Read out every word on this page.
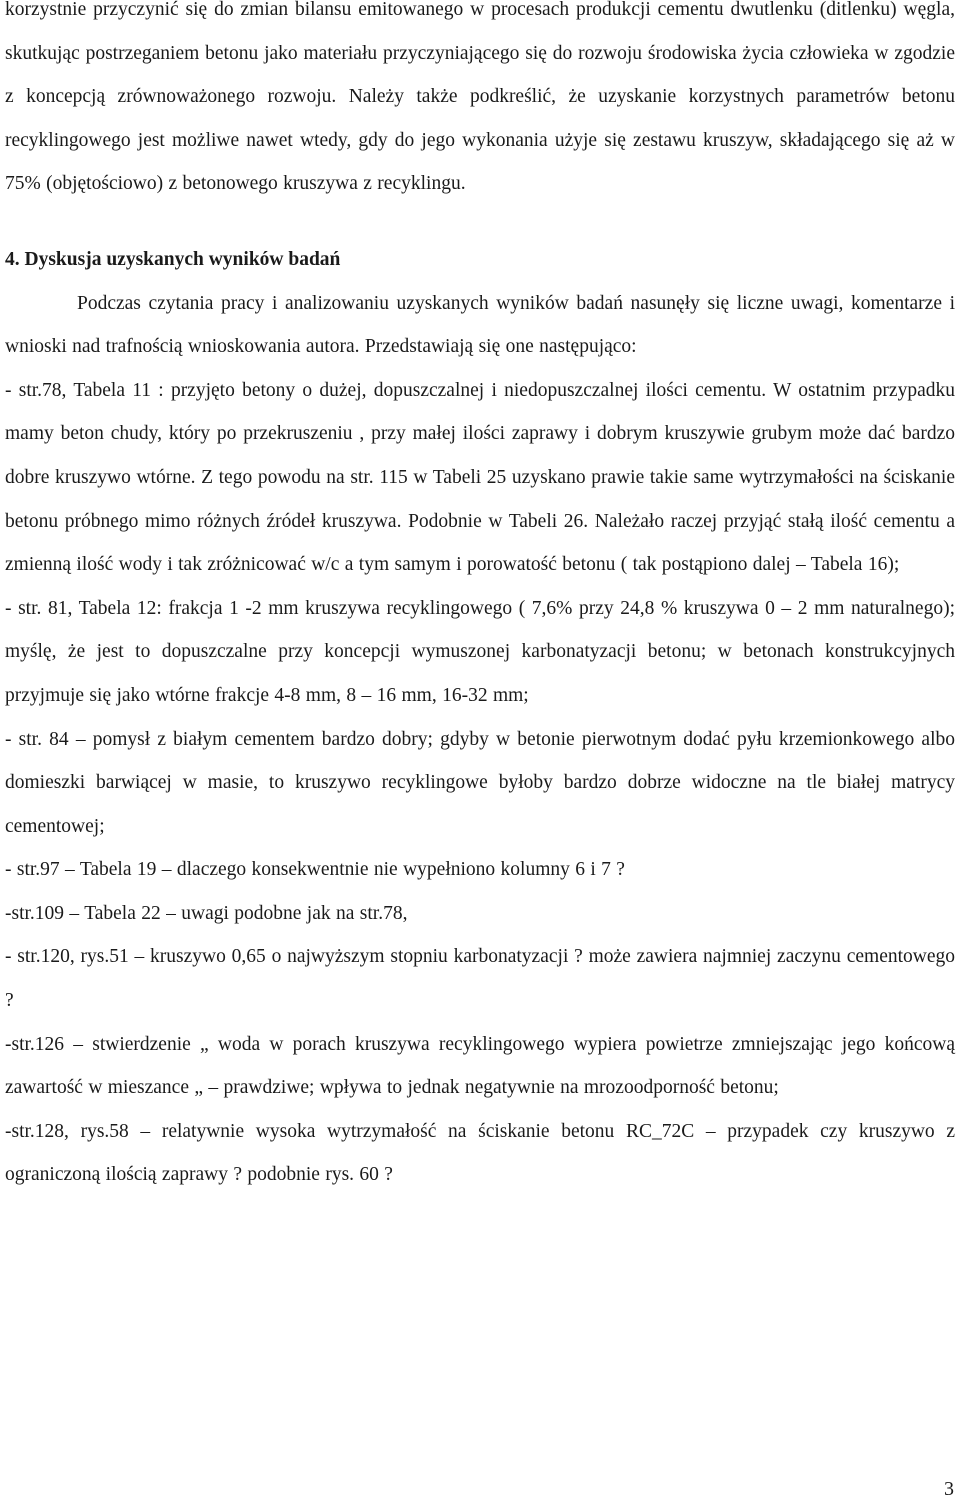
korzystnie przyczynić się do zmian bilansu emitowanego w procesach produkcji cementu dwutlenku (ditlenku) węgla, skutkując postrzeganiem betonu jako materiału przyczyniającego się do rozwoju środowiska życia człowieka w zgodzie z koncepcją zrównoważonego rozwoju. Należy także podkreślić, że uzyskanie korzystnych parametrów betonu recyklingowego jest możliwe nawet wtedy, gdy do jego wykonania użyje się zestawu kruszyw, składającego się aż w 75% (objętościowo) z betonowego kruszywa z recyklingu.

4. Dyskusja uzyskanych wyników badań

Podczas czytania pracy i analizowaniu uzyskanych wyników badań nasunęły się liczne uwagi, komentarze i wnioski nad trafnością wnioskowania autora. Przedstawiają się one następująco:

- str.78, Tabela 11 : przyjęto betony o dużej, dopuszczalnej i niedopuszczalnej ilości cementu. W ostatnim przypadku mamy beton chudy, który po przekruszeniu , przy małej ilości zaprawy i dobrym kruszywie grubym może dać bardzo dobre kruszywo wtórne. Z tego powodu na str. 115 w Tabeli 25 uzyskano prawie takie same wytrzymałości na ściskanie betonu próbnego mimo różnych źródeł kruszywa. Podobnie w Tabeli 26. Należało raczej przyjąć stałą ilość cementu a zmienną ilość wody i tak zróżnicować w/c a tym samym i porowatość betonu ( tak postąpiono dalej – Tabela 16);

- str. 81, Tabela 12: frakcja 1 -2 mm kruszywa recyklingowego ( 7,6% przy 24,8 % kruszywa 0 – 2 mm naturalnego); myślę, że jest to dopuszczalne przy koncepcji wymuszonej karbonatyzacji betonu; w betonach konstrukcyjnych przyjmuje się jako wtórne frakcje 4-8 mm, 8 – 16 mm, 16-32 mm;

- str. 84 – pomysł z białym cementem bardzo dobry; gdyby w betonie pierwotnym dodać pyłu krzemionkowego albo domieszki barwiącej w masie, to kruszywo recyklingowe byłoby bardzo dobrze widoczne na tle białej matrycy cementowej;

- str.97 – Tabela 19 – dlaczego konsekwentnie nie wypełniono kolumny 6 i 7 ?

-str.109 – Tabela 22 – uwagi podobne jak na str.78,

- str.120, rys.51 – kruszywo 0,65 o najwyższym stopniu karbonatyzacji ? może zawiera najmniej zaczynu cementowego ?

-str.126 – stwierdzenie „ woda w porach kruszywa recyklingowego wypiera powietrze zmniejszając jego końcową zawartość w mieszance „ – prawdziwe; wpływa to jednak negatywnie na mrozoodporność betonu;

-str.128, rys.58 – relatywnie wysoka wytrzymałość na ściskanie betonu RC_72C – przypadek czy kruszywo z ograniczoną ilością zaprawy ? podobnie rys. 60 ?

3
